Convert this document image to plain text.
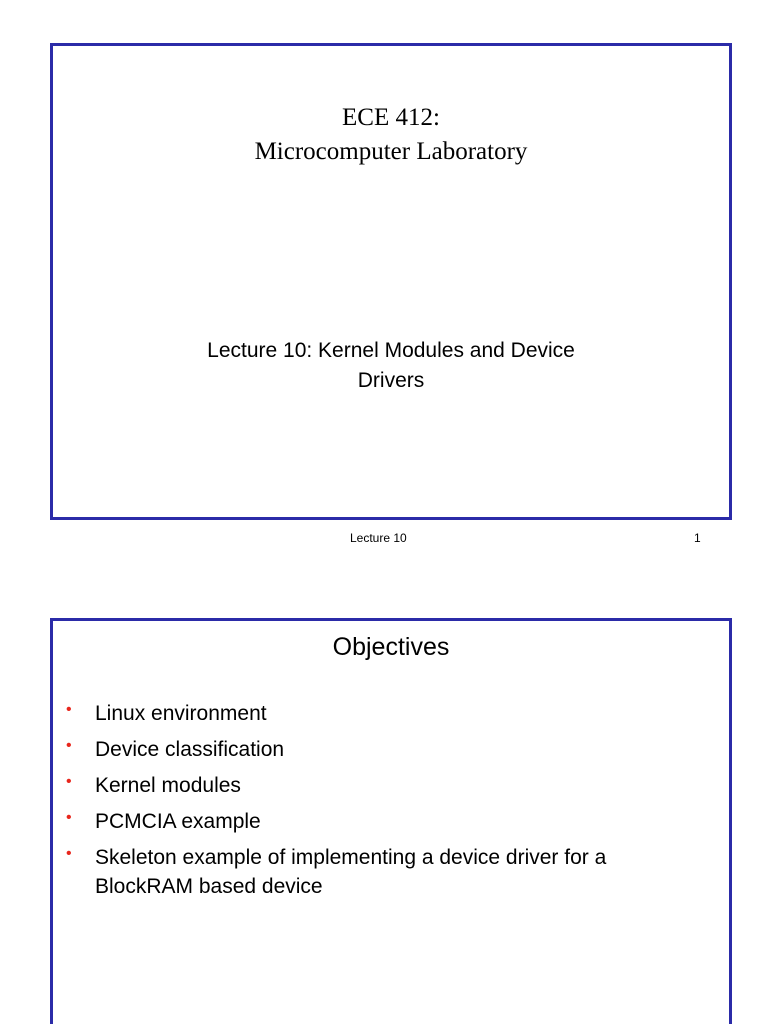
ECE 412:
Microcomputer Laboratory
Lecture 10: Kernel Modules and Device
Drivers
Lecture 10	1
Objectives
• Linux environment
• Device classification
• Kernel modules
• PCMCIA example
• Skeleton example of implementing a device driver for a BlockRAM based device
